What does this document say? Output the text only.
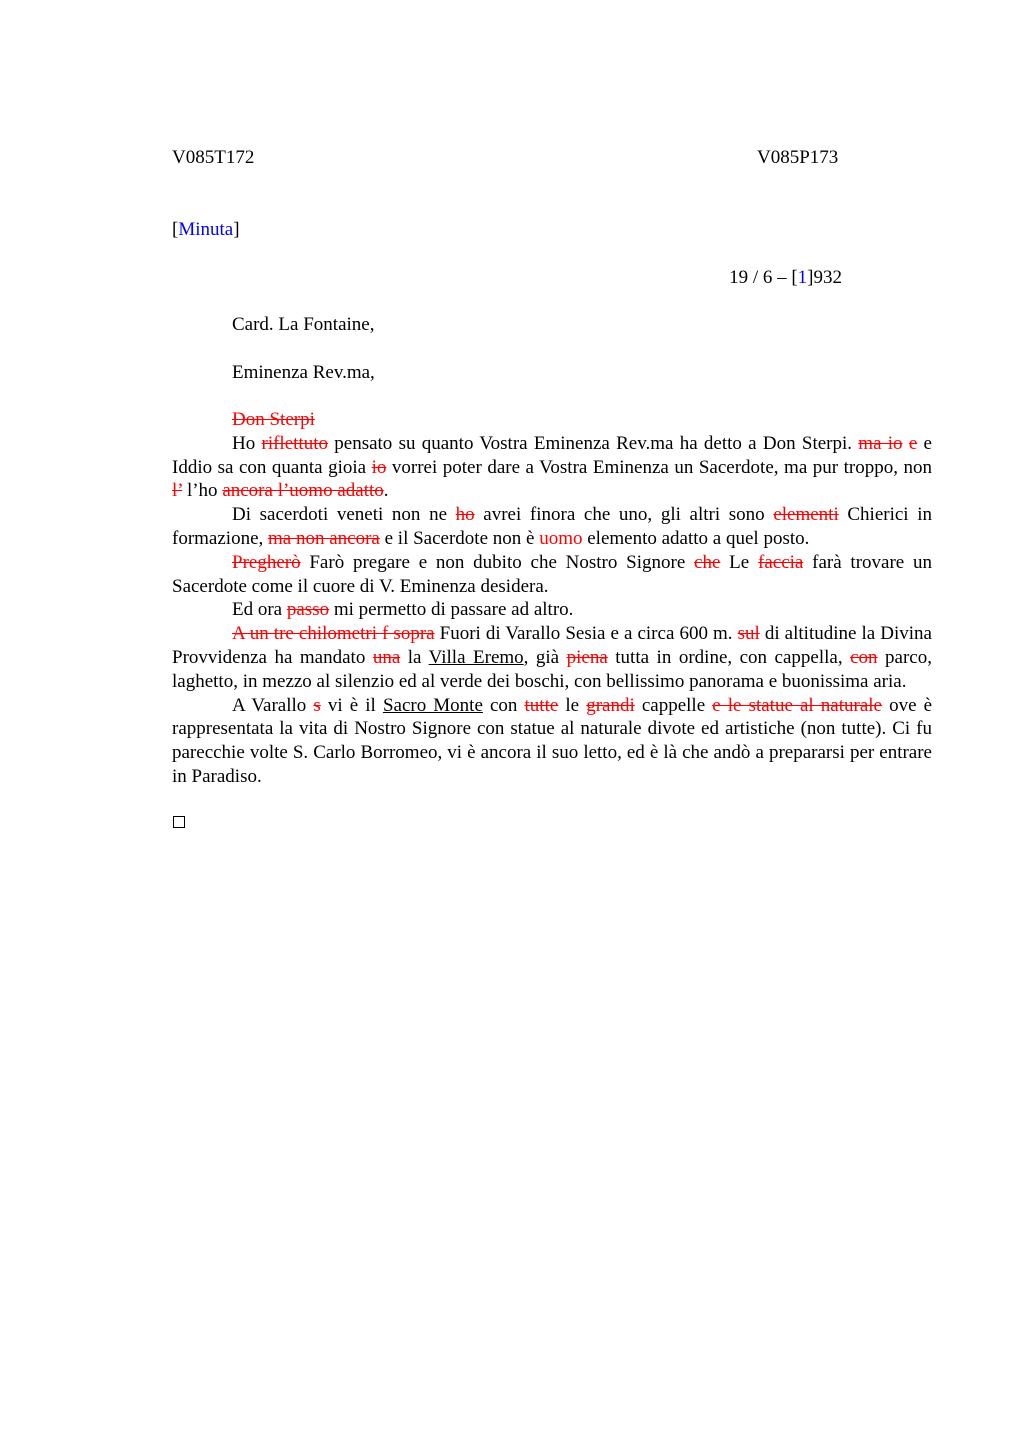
V085T172	V085P173
[Minuta]
19 / 6 – [1]932
Card. La Fontaine,
Eminenza Rev.ma,

Don Sterpi

Ho riflettuto pensato su quanto Vostra Eminenza Rev.ma ha detto a Don Sterpi. ma io e e Iddio sa con quanta gioia io vorrei poter dare a Vostra Eminenza un Sacerdote, ma pur troppo, non l’ l’ho ancora l’uomo adatto.

Di sacerdoti veneti non ne ho avrei finora che uno, gli altri sono elementi Chierici in formazione, ma non ancora e il Sacerdote non è uomo elemento adatto a quel posto.

Pregherò Farò pregare e non dubito che Nostro Signore che Le faccia farà trovare un Sacerdote come il cuore di V. Eminenza desidera.

Ed ora passo mi permetto di passare ad altro.

A un tre chilometri f sopra Fuori di Varallo Sesia e a circa 600 m. sul di altitudine la Divina Provvidenza ha mandato una la Villa Eremo, già piena tutta in ordine, con cappella, con parco, laghetto, in mezzo al silenzio ed al verde dei boschi, con bellissimo panorama e buonissima aria.

A Varallo s vi è il Sacro Monte con tutte le grandi cappelle e le statue al naturale ove è rappresentata la vita di Nostro Signore con statue al naturale divote ed artistiche (non tutte). Ci fu parecchie volte S. Carlo Borromeo, vi è ancora il suo letto, ed è là che andò a prepararsi per entrare in Paradiso.
